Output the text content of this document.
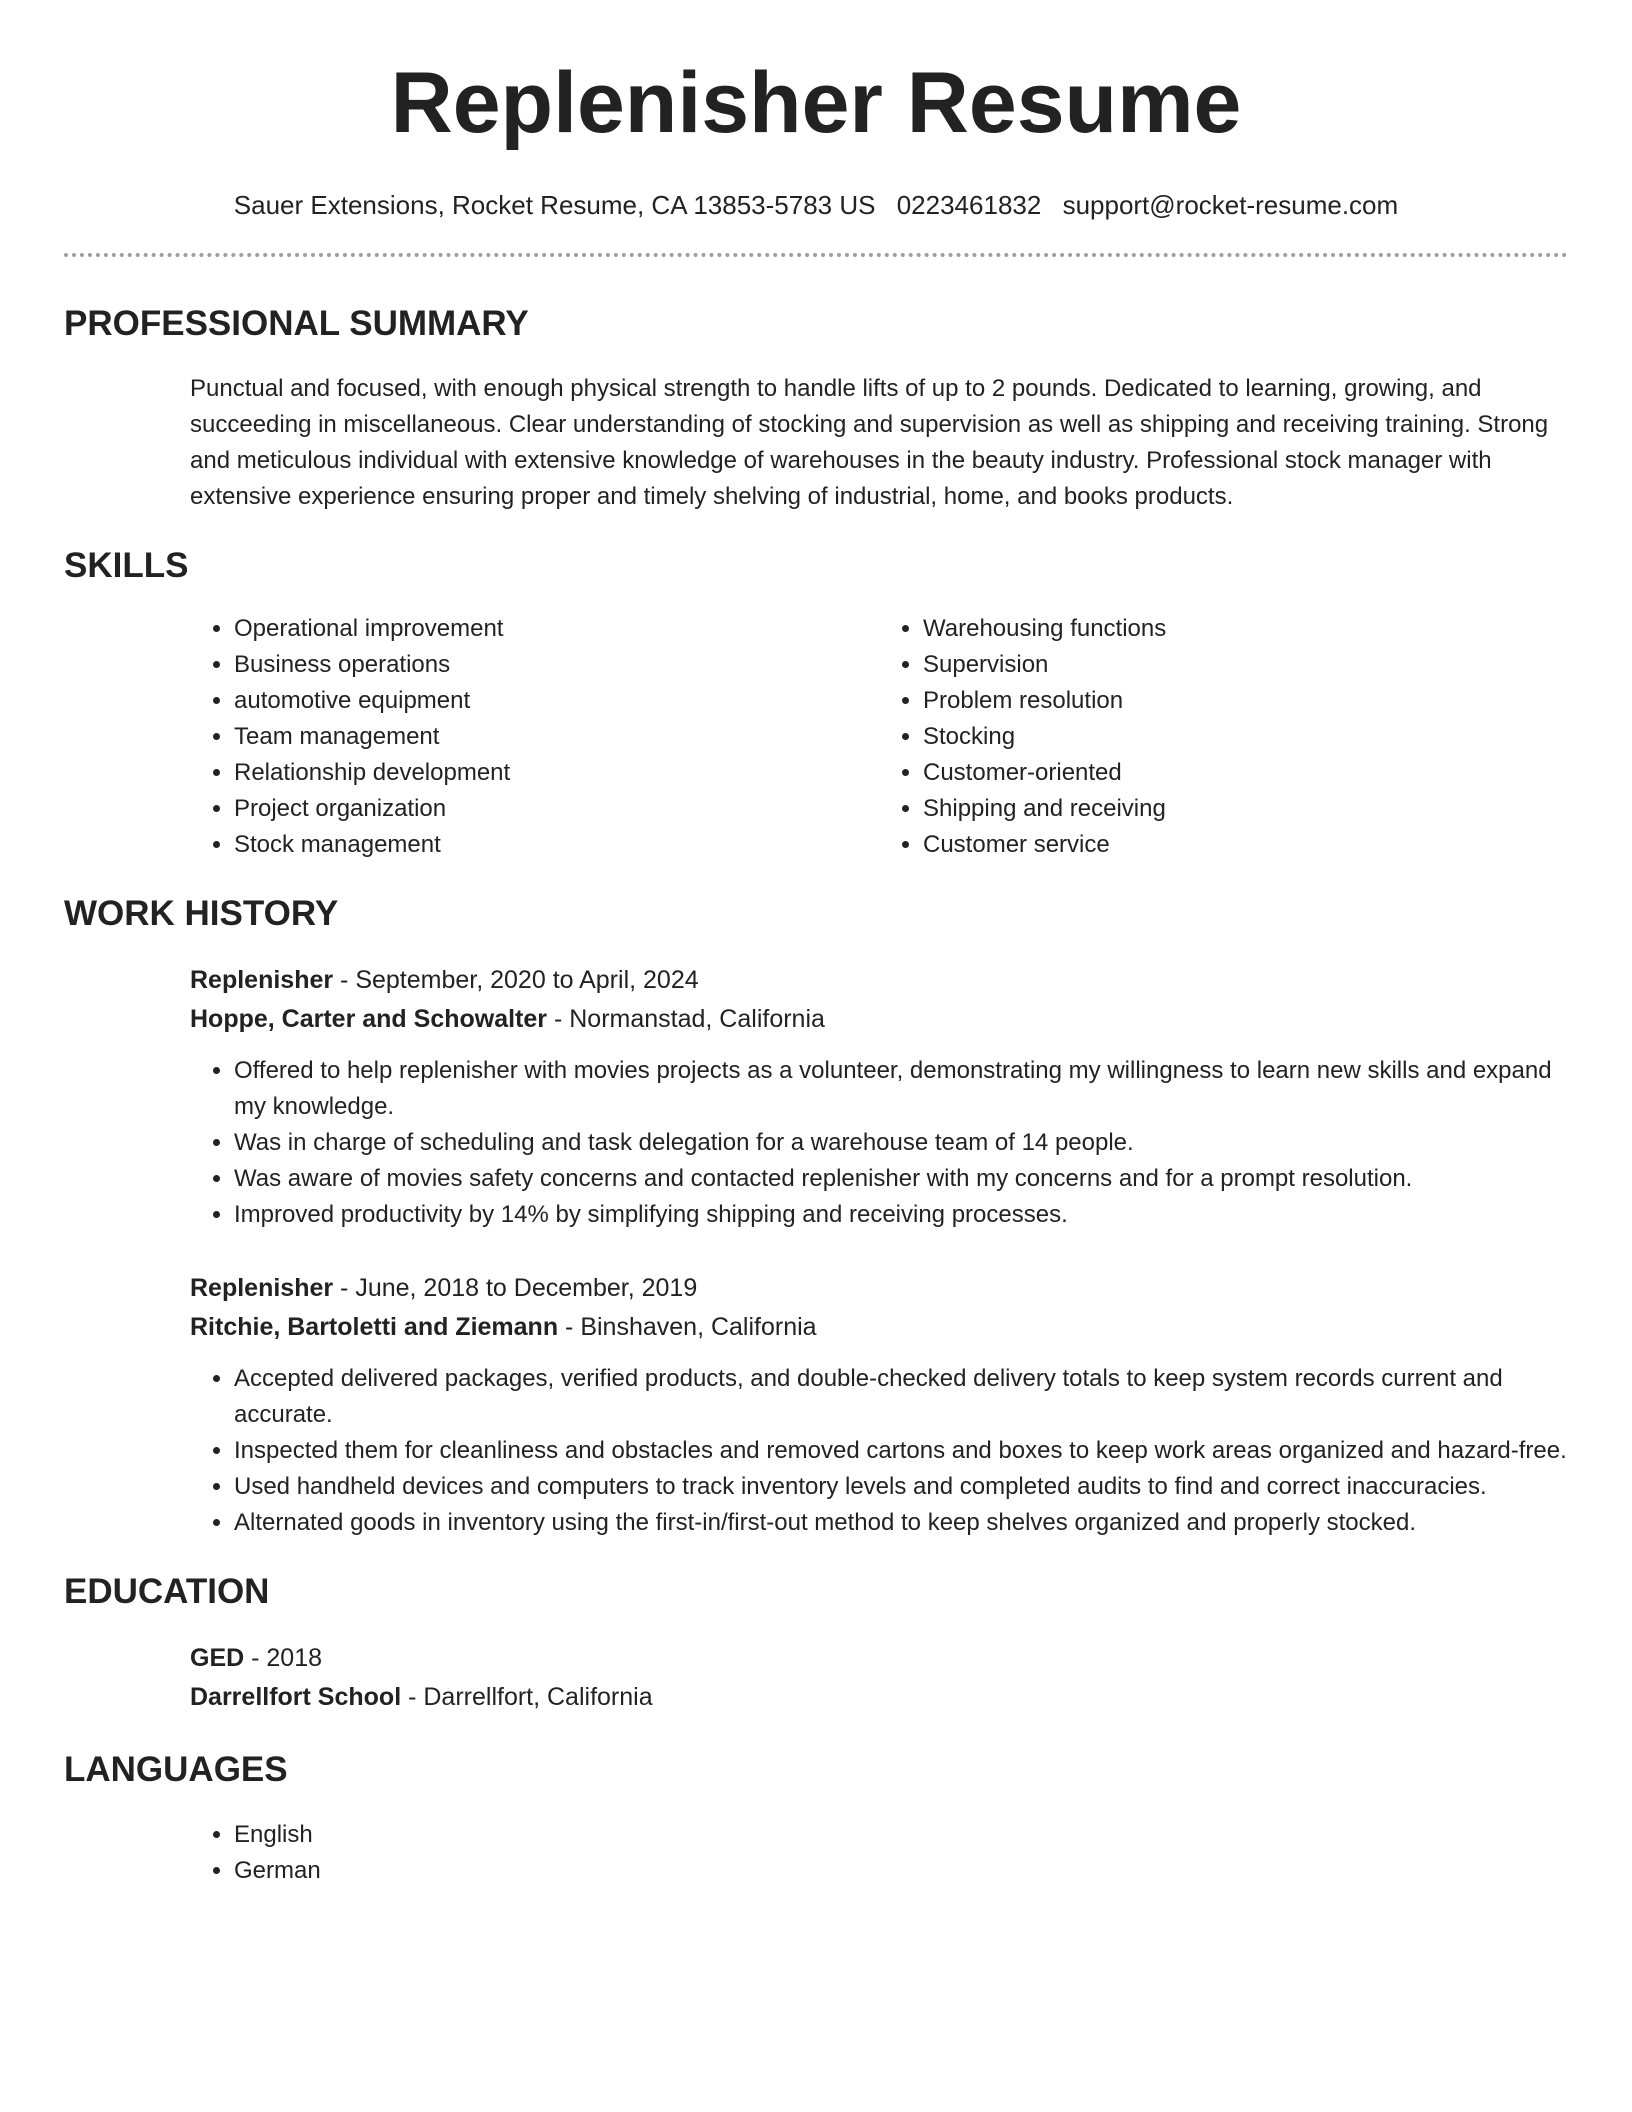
Replenisher Resume
Sauer Extensions, Rocket Resume, CA 13853-5783 US 0223461832 support@rocket-resume.com
PROFESSIONAL SUMMARY

Punctual and focused, with enough physical strength to handle lifts of up to 2 pounds. Dedicated to learning, growing, and succeeding in miscellaneous. Clear understanding of stocking and supervision as well as shipping and receiving training. Strong and meticulous individual with extensive knowledge of warehouses in the beauty industry. Professional stock manager with extensive experience ensuring proper and timely shelving of industrial, home, and books products.

SKILLS
• Operational improvement
• Business operations
• automotive equipment
• Team management
• Relationship development
• Project organization
• Stock management
• Warehousing functions
• Supervision
• Problem resolution
• Stocking
• Customer-oriented
• Shipping and receiving
• Customer service
WORK HISTORY
Replenisher - September, 2020 to April, 2024
Hoppe, Carter and Schowalter - Normanstad, California
• Offered to help replenisher with movies projects as a volunteer, demonstrating my willingness to learn new skills and expand my knowledge.
• Was in charge of scheduling and task delegation for a warehouse team of 14 people.
• Was aware of movies safety concerns and contacted replenisher with my concerns and for a prompt resolution.
• Improved productivity by 14% by simplifying shipping and receiving processes.
Replenisher - June, 2018 to December, 2019
Ritchie, Bartoletti and Ziemann - Binshaven, California
• Accepted delivered packages, verified products, and double-checked delivery totals to keep system records current and accurate.
• Inspected them for cleanliness and obstacles and removed cartons and boxes to keep work areas organized and hazard-free.
• Used handheld devices and computers to track inventory levels and completed audits to find and correct inaccuracies.
• Alternated goods in inventory using the first-in/first-out method to keep shelves organized and properly stocked.
EDUCATION
GED - 2018
Darrellfort School - Darrellfort, California
LANGUAGES
• English
• German
